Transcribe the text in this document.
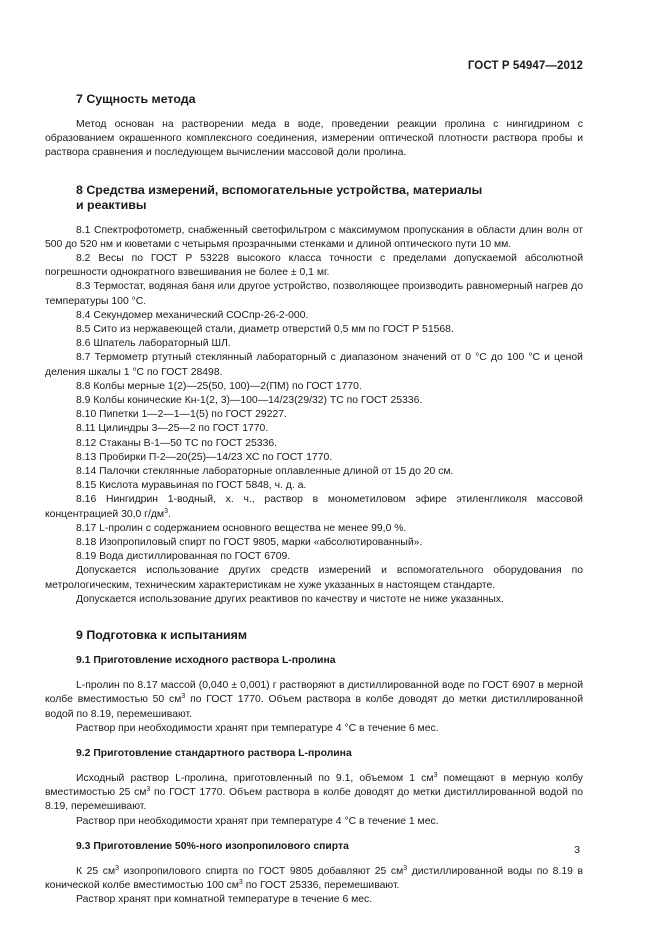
ГОСТ Р 54947—2012
7 Сущность метода

Метод основан на растворении меда в воде, проведении реакции пролина с нингидрином с образованием окрашенного комплексного соединения, измерении оптической плотности раствора пробы и раствора сравнения и последующем вычислении массовой доли пролина.

8 Средства измерений, вспомогательные устройства, материалы
и реактивы

8.1 Спектрофотометр, снабженный светофильтром с максимумом пропускания в области длин волн от 500 до 520 нм и кюветами с четырьмя прозрачными стенками и длиной оптического пути 10 мм.

8.2 Весы по ГОСТ Р 53228 высокого класса точности с пределами допускаемой абсолютной погрешности однократного взвешивания не более ± 0,1 мг.

8.3 Термостат, водяная баня или другое устройство, позволяющее производить равномерный нагрев до температуры 100 °С.

8.4 Секундомер механический СОСпр-26-2-000.

8.5 Сито из нержавеющей стали, диаметр отверстий 0,5 мм по ГОСТ Р 51568.

8.6 Шпатель лабораторный ШЛ.

8.7 Термометр ртутный стеклянный лабораторный с диапазоном значений от 0 °С до 100 °С и ценой деления шкалы 1 °С по ГОСТ 28498.

8.8 Колбы мерные 1(2)—25(50, 100)—2(ПМ) по ГОСТ 1770.

8.9 Колбы конические Кн-1(2, 3)—100—14/23(29/32) ТС по ГОСТ 25336.

8.10 Пипетки 1—2—1—1(5) по ГОСТ 29227.

8.11 Цилиндры 3—25—2 по ГОСТ 1770.

8.12 Стаканы В-1—50 ТС по ГОСТ 25336.

8.13 Пробирки П-2—20(25)—14/23 ХС по ГОСТ 1770.

8.14 Палочки стеклянные лабораторные оплавленные длиной от 15 до 20 см.

8.15 Кислота муравьиная по ГОСТ 5848, ч. д. а.

8.16 Нингидрин 1-водный, х. ч., раствор в монометиловом эфире этиленгликоля массовой концентрацией 30,0 $г/дм^3$.

8.17 L-пролин с содержанием основного вещества не менее 99,0 %.

8.18 Изопропиловый спирт по ГОСТ 9805, марки «абсолютированный».

8.19 Вода дистиллированная по ГОСТ 6709.

Допускается использование других средств измерений и вспомогательного оборудования по метрологическим, техническим характеристикам не хуже указанных в настоящем стандарте.

Допускается использование других реактивов по качеству и чистоте не ниже указанных.

9 Подготовка к испытаниям
9.1 Приготовление исходного раствора L-пролина

L-пролин по 8.17 массой (0,040 ± 0,001) г растворяют в дистиллированной воде по ГОСТ 6907 в мерной колбе вместимостью 50 $см^3$ по ГОСТ 1770. Объем раствора в колбе доводят до метки дистиллированной водой по 8.19, перемешивают.

Раствор при необходимости хранят при температуре 4 °С в течение 6 мес.

9.2 Приготовление стандартного раствора L-пролина

Исходный раствор L-пролина, приготовленный по 9.1, объемом 1 $см^3$ помещают в мерную колбу вместимостью 25 $см^3$ по ГОСТ 1770. Объем раствора в колбе доводят до метки дистиллированной водой по 8.19, перемешивают.

Раствор при необходимости хранят при температуре 4 °С в течение 1 мес.

9.3 Приготовление 50%-ного изопропилового спирта

К 25 $см^3$ изопропилового спирта по ГОСТ 9805 добавляют 25 $см^3$ дистиллированной воды по 8.19 в конической колбе вместимостью 100 $см^3$ по ГОСТ 25336, перемешивают.

Раствор хранят при комнатной температуре в течение 6 мес.

3
